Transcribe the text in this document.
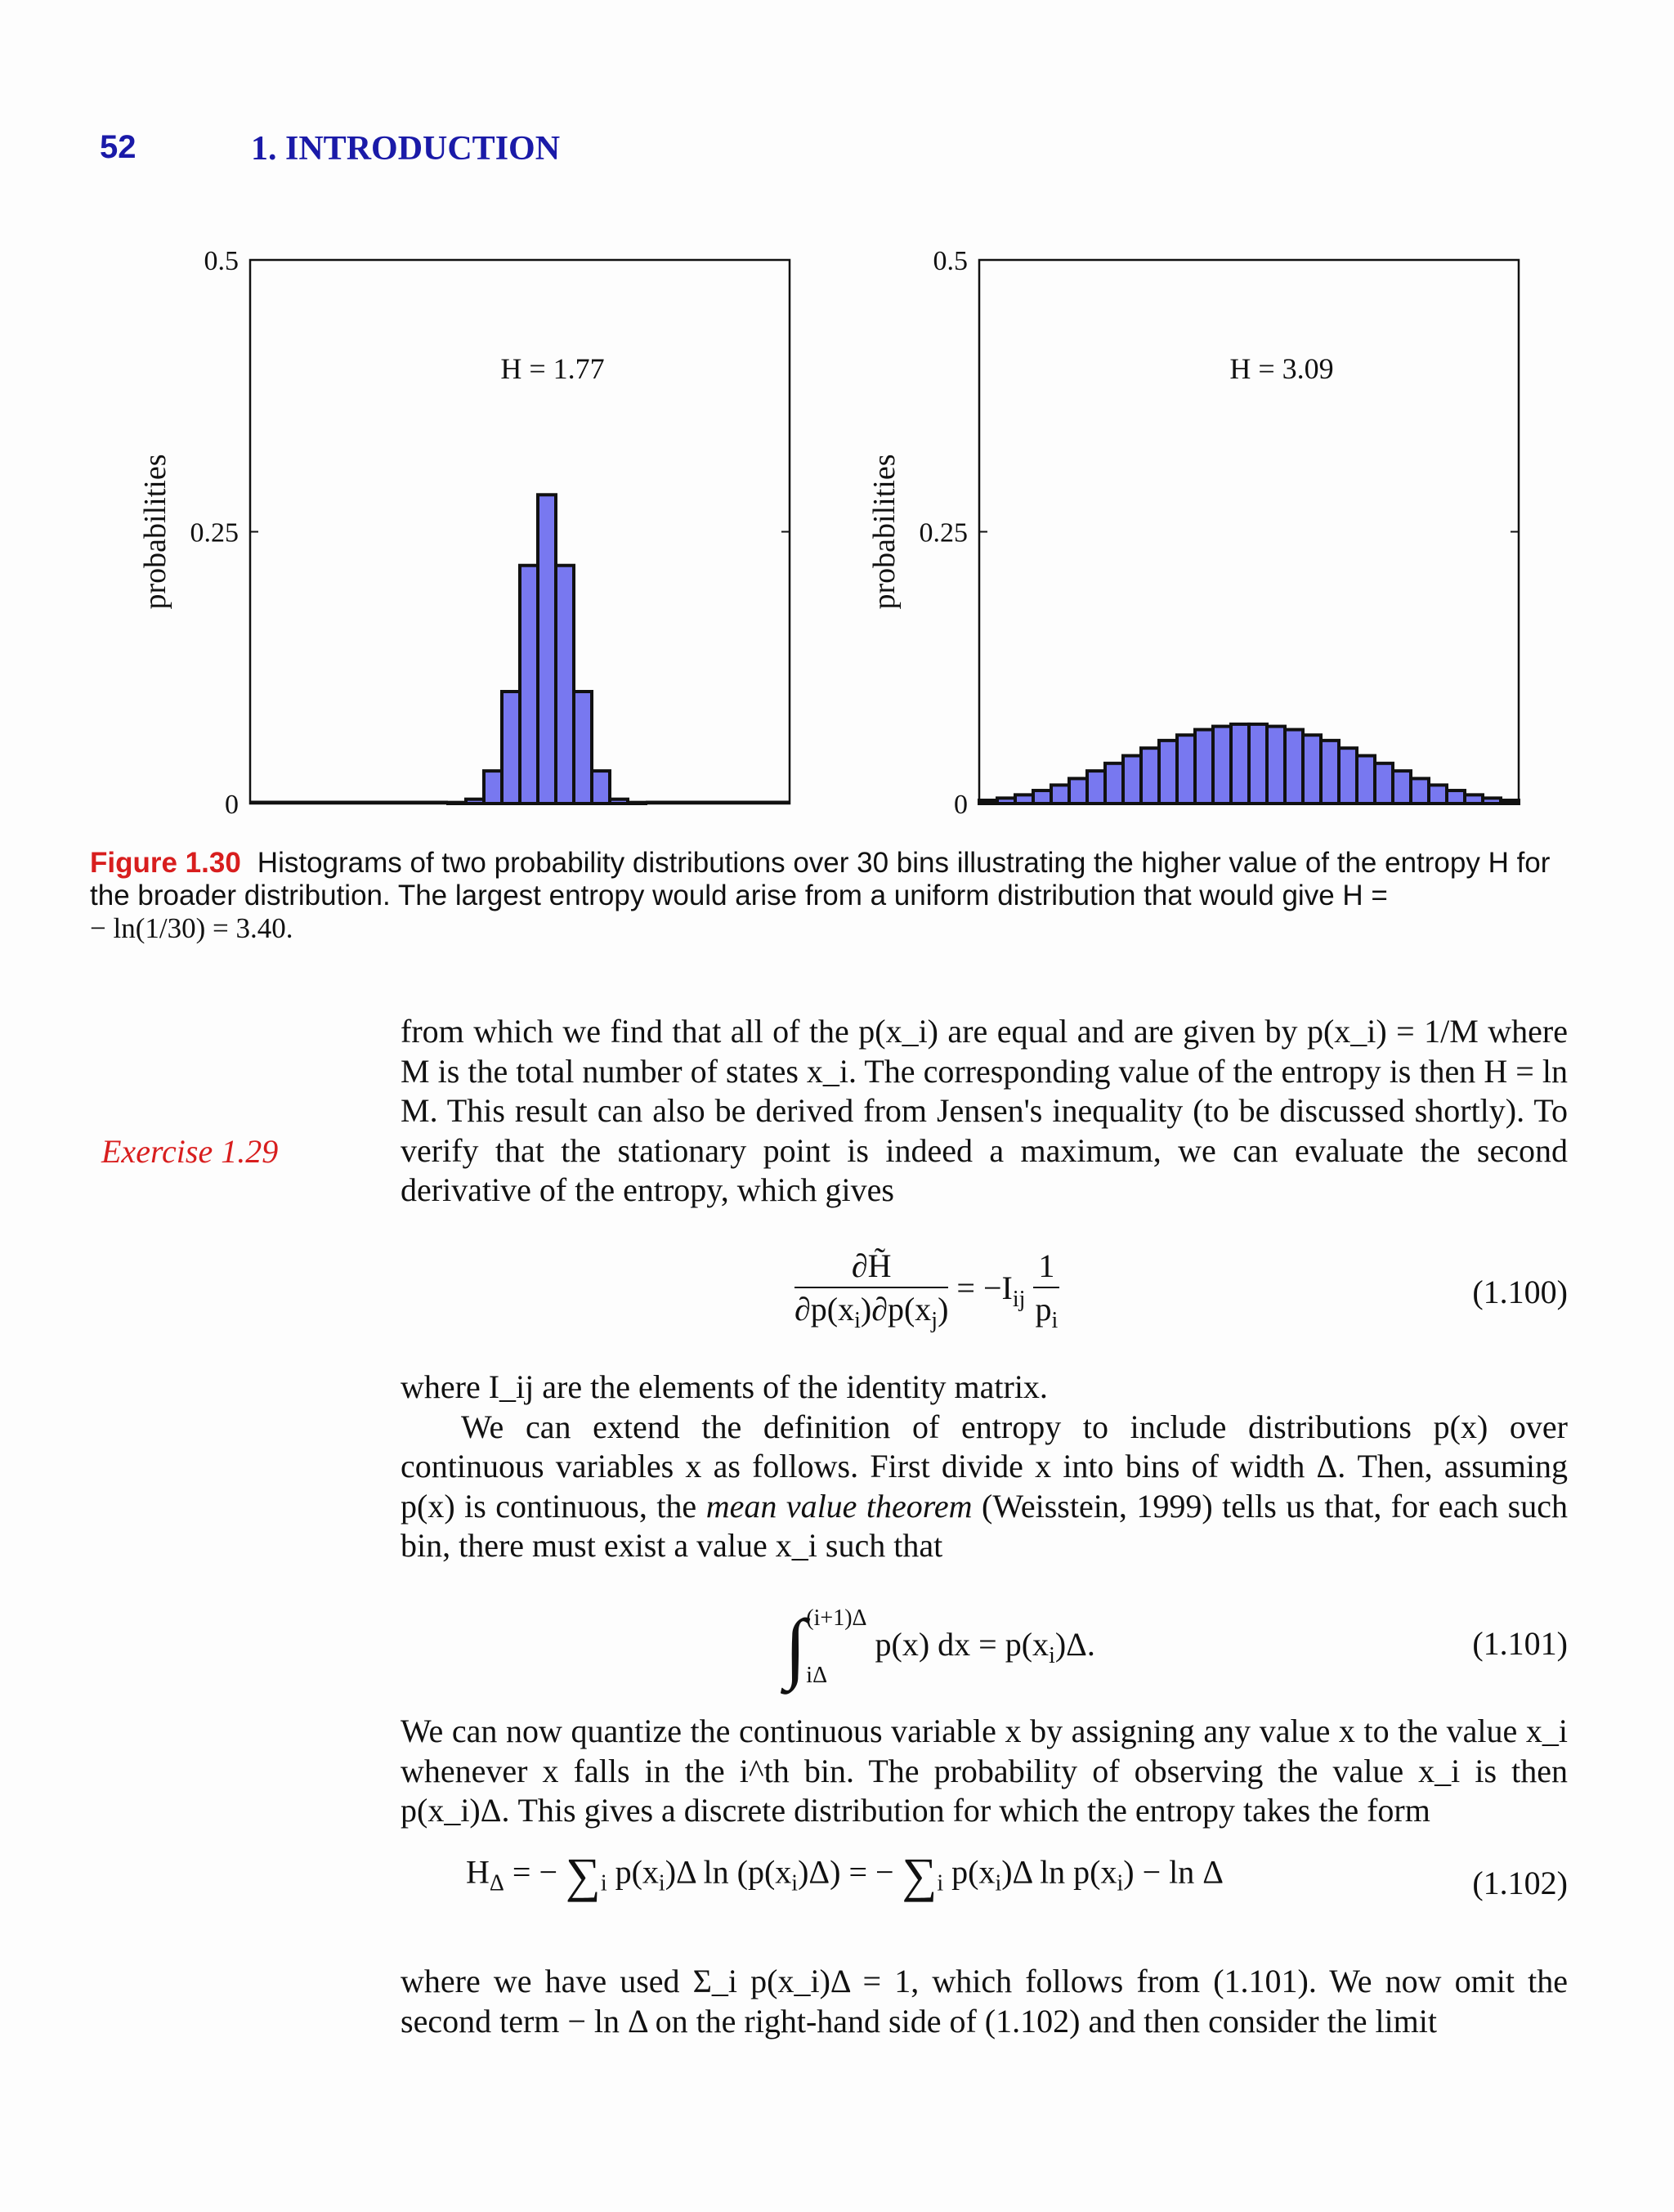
52	1. INTRODUCTION
0
0.25
0.5
probabilities
H = 1.77
0
0.25
0.5
probabilities
H = 3.09
Figure 1.30 Histograms of two probability distributions over 30 bins illustrating the higher value of the entropy H for the broader distribution. The largest entropy would arise from a uniform distribution that would give H =
− ln(1/30) = 3.40.
Exercise 1.29

from which we find that all of the p(x_i) are equal and are given by p(x_i) = 1/M where M is the total number of states x_i. The corresponding value of the entropy is then H = ln M. This result can also be derived from Jensen's inequality (to be discussed shortly). To verify that the stationary point is indeed a maximum, we can evaluate the second derivative of the entropy, which gives

$\frac{\partial H̃}{\partial p(x_i)\partial p(x_j)} = -I_{ij} \frac{1}{p_i}$	(1.100)

where I_ij are the elements of the identity matrix.

We can extend the definition of entropy to include distributions p(x) over continuous variables x as follows. First divide x into bins of width Δ. Then, assuming p(x) is continuous, the mean value theorem (Weisstein, 1999) tells us that, for each such bin, there must exist a value x_i such that

∫(i+1)Δ
iΔ p(x) dx = $p(x_i)\Delta$.	(1.101)

We can now quantize the continuous variable x by assigning any value x to the value x_i whenever x falls in the i^th bin. The probability of observing the value x_i is then p(x_i)Δ. This gives a discrete distribution for which the entropy takes the form

$H_\Delta$ = − $\sum_i$ $p(x_i)\Delta$ $\ln (p(x_i)\Delta)$ = − $\sum_i$ $p(x_i)\Delta$ $\ln p(x_i) - \ln \Delta$	(1.102)

where we have used Σ_i p(x_i)Δ = 1, which follows from (1.101). We now omit the second term − ln Δ on the right-hand side of (1.102) and then consider the limit
